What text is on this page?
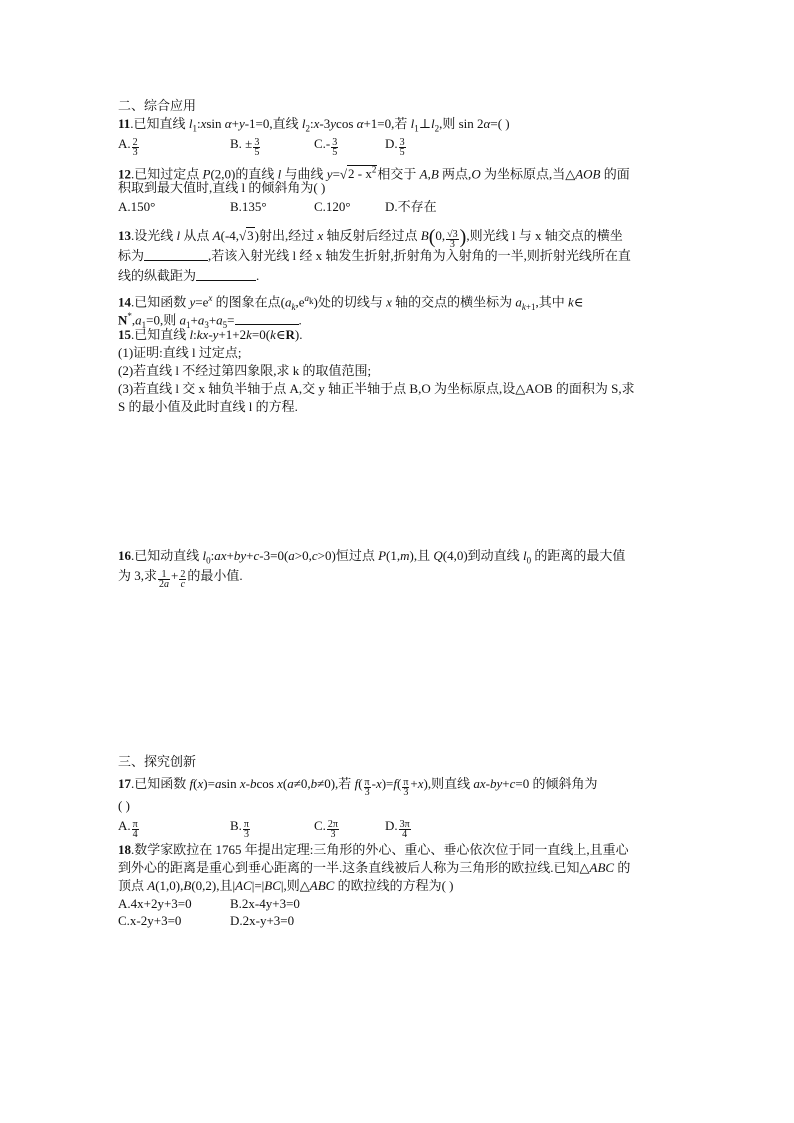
二、综合应用
11.已知直线 $l_1:xsin$ α+y-1=0,直线 $l_2:x-3ycos$ α+1=0,若 $l_1\perp l_2$,则 sin 2α=( )
A. $\frac{2}{3}$	B. ± $\frac{3}{5}$	$C.- \frac{3}{5}$	D. $\frac{3}{5}$
12.已知过定点 P(2,0)的直线 l 与曲线 $y=√2 - x^2$相交于 A,B 两点,O 为坐标原点,当△AOB 的面
积取到最大值时,直线 l 的倾斜角为( )
A.150°	B.135°	C.120°	D.不存在
13.设光线 l 从点 A(-4,√3)射出,经过 x 轴反射后经过点 B(0, $\frac{√3}{3}$ ),则光线 l 与 x 轴交点的横坐
标为	,若该入射光线 l 经 x 轴发生折射,折射角为入射角的一半,则折射光线所在直
线的纵截距为	.
14.已知函数 $y=e^x$ 的图象在点$(a_k,e^{a_k})$处的切线与 x 轴的交点的横坐标为 $a_{k+1}$,其中 k∈
$N^*,a_1=0$,则 $a_1+a_3+a_5=$	.
15.已知直线 l:kx-y+1+2k=0(k∈R).
(1)证明:直线 l 过定点;
(2)若直线 l 不经过第四象限,求 k 的取值范围;
(3)若直线 l 交 x 轴负半轴于点 A,交 y 轴正半轴于点 B,O 为坐标原点,设△AOB 的面积为 S,求
S 的最小值及此时直线 l 的方程.
16.已知动直线 $l_0:ax+by+c-3=0(a>0,c>0)$恒过点 P(1,m),且 Q(4,0)到动直线 $l_0$ 的距离的最大值
为 3,求 $\frac{1}{2a} + \frac{2}{c}$ 的最小值.
三、探究创新
17.已知函数 f(x)=asin x-bcos x(a≠0,b≠0),若 $f( \frac{\pi}{3} -x)=f( \frac{\pi}{3} +x)$,则直线 ax-by+c=0 的倾斜角为
( )
A. $\frac{\pi}{4}$	B. $\frac{\pi}{3}$	C. $\frac{2\pi}{3}$	D. $\frac{3\pi}{4}$
18.数学家欧拉在 1765 年提出定理:三角形的外心、重心、垂心依次位于同一直线上,且重心
到外心的距离是重心到垂心距离的一半.这条直线被后人称为三角形的欧拉线.已知△ABC 的
顶点 A(1,0),B(0,2),且|AC|=|BC|,则△ABC 的欧拉线的方程为( )
A.4x+2y+3=0	B.2x-4y+3=0
C.x-2y+3=0	D.2x-y+3=0
